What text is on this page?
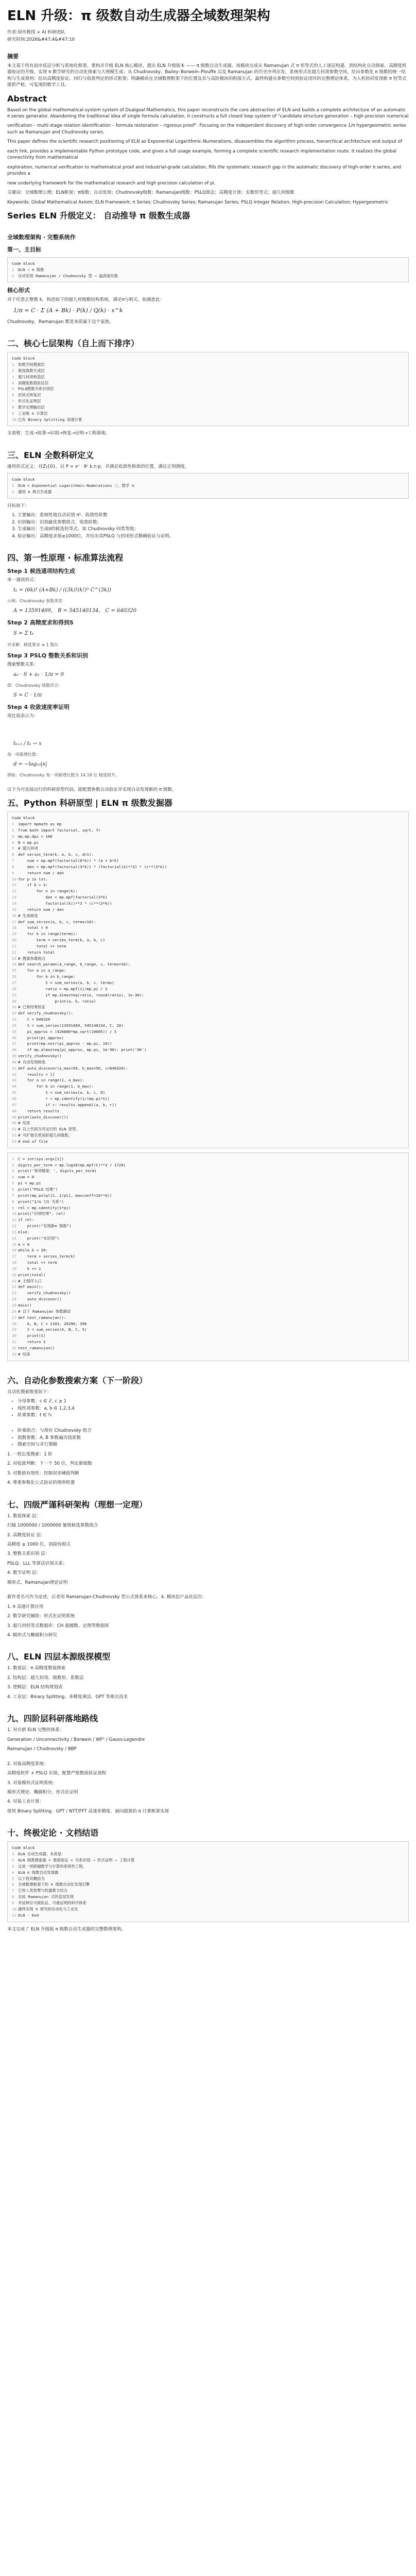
ELN 升级：π 级数自动生成器全域数理架构
作者:周舟教授 + AI 科研团队
研究时间:2026&#47;4&#47;10
摘要

本文基于所有前序底层分析与系统化框架，重构并升级 ELN 核心模块，提出 ELN 升级版本 —— π 级数自动生成器。该模块完成从 Ramanujan 式 π 恒等式的人工逐层构建、到结构化自动探索、高精度机器验证的升级，实现 π 数学研究的自动化探索与大规模生成；从 Chudnovsky、Bailey–Borwein–Plouffe 以及 Ramanujan 的历史序列出发，系统形式化超几何项参数空间，给出参数化 π 级数的统一结构与生成规则；给出高精度验证、回归与收敛判定的形式框架；明确模块在全域数理框架下的位置及其与高阶模块的衔接方式。最终构建从参数空间到验证闭环的完整理论体系，为人机协同发现新 π 恒等式提供严格、可复现的数学工具。

Abstract

Based on the global mathematical-system system of Dualgeal Mathematics, this paper reconstructs the core abstraction of ELN and builds a complete architecture of an automatic π series generator. Abandoning the traditional idea of single formula calculation, it constructs a full closed loop system of "candidate structure generation – high-precision numerical

verification – multi-stage relation identification – formula restoration – rigorous proof". Focusing on the independent discovery of high-order convergence 1/π hypergeometric series such as Ramanujan and Chudnovsky series.

This paper defines the scientific research positioning of ELN as Exponential Logarithmic-Numerations, disassembles the algorithm process, hierarchical architecture and output of

each link, provides a implementable Python prototype code, and gives a full usage example, forming a complete scientific research implementation route. It realizes the global connectivity from mathematical

exploration, numerical verification to mathematical proof and industrial-grade calculation, fills the systematic research gap in the automatic discovery of high-order π series, and provides a

new underlying framework for the mathematical research and high precision calculation of pi.

关键词：全域数理公理；ELN框架；π级数；自动发现；Chudnovsky级数；Ramanujan级数；PSLQ算法；高精度计算；实数恒等式；超几何级数

Keywords: Global Mathematical Axiom; ELN Framework; π Series; Chudnovsky Series; Ramanujan Series; PSLQ Integer Relation; High-precision Calculation; Hypergeometric

Series ELN 升级定义： 自动推导 π 级数生成器
全域数理架构 · 完整系统作
第一、主目标
Code block
1 ELN → π 级数
2 自动发现 Ramanujan / Chudnovsky 型 → 逼真度位数
核心形式

对于任意正整数 k，构造如下的超几何级数结构系统，满足π与相关，如满意此：

1/π = C · Σ (A + Bk) · P(k) / Q(k) · x^k

Chudnovsky、Ramanujan 都是本质属于这个家族。

二、核心七层架构（自上而下排序）
Code block
1 参数空间搜索层
2 候选级数生成层
3 超几何项构造层
4 高精度数值验证层
5 PSLQ整数关系识别层
6 封闭式恢复层
7 形式化证明层
8 数学定理输出层
9 工业级 π 计算层
10 已有 Binary Splitting 高速计算

全流程：生成→验算→识别→恢复→证明→工程落地。

三、ELN 全数科研定义

通用形式定义：对Z\{0}，以 P = xⁿ · 9ᵏ k.n·p，并满足收敛性格敛的位置，满足正则测度。

Code block
1 ELN = Exponential Logarithmic-Numerations 三、数学 π
2 通用 π 格式生成器

目标如下：

1. 主要输出：系统性地自动识别 π¹、收敛性阶数
2. 识别输出：识别最优参数组合，收敛阶数；
3. 生成输出：生成π的候选恒等式，如 Chudnovsky 同类等级；
4. 验证输出：高精度求值≥1000位，并给出其PSLQ 与封闭形式精确验证与证明。
四、第一性原理 · 标准算法流程
Step 1 候选通项结构生成

单一通项形式：

tₖ = (6k)! (A+Bk) / ((3k)!(k!)³ C^(3k))

示例：Chudnovsky 参数类型

A = 13591409， B = 545140134， C = 640320
Step 2 高精度求和得到S
S = Σ tₖ

对求解：精度要求 ≥ 1 数位

Step 3 PSLQ 整数关系和识别

搜索整数关系：

a₀ · S + a₁ · 1/π = 0

即：Chudnovsky 级数符合：

S = C · 1/π
Step 4 收敛速度率证明

项比值表示为：

tₖ₊₁ / tₖ → x

每一项新增位数:

d = −log₁₀|x|

例如：Chudnovsky 每一项新增位数为 14.18 位 精度提升。

以下为可直接运行的科研原型代码，能配置参数自动验证并实现自动发现新的 π 级数。

五、Python 科研原型 | ELN π 级数发掘器
Code block
1 import mpmath as mp
2 from math import factorial, sqrt, fr
3 mp.mp.dps = 100
4 N = mp.pi
5 # 超几何项
6 def series_term(k, a, b, c, d=1):
7    num = mp.mpf(factorial(6*k)) * (a + b*k)
8    den = mp.mpf(factorial(3*k)) * (factorial(k)**3) * (c**(3*k))
9    return num / den
10 for p in lst:
11    if k > 3:
12        for n in range(k):
13            den = mp.mpf(factorial(3*k)
14            factorial(k))**3 * (c**(3*k))
15    return num / den
16 # 生成候选
17 def sum_series(a, b, c, terms=10):
18    total = 0
19    for k in range(terms):
20        term = series_term(k, a, b, c)
21        total += term
22    return total
23 # 搜索参数组合
24 def search_params(a_range, b_range, c, terms=10):
25    for a in a_range:
26        for b in b_range:
27            S = sum_series(a, b, c, terms)
28            ratio = mp.mpf(1)/mp.pi / S
29            if mp.almosteq(ratio, round(ratio), 1e-30):
30                print(a, b, ratio)
31 # 已知结果验证
32 def verify_chudnovsky():
33    C = 640320
34    S = sum_series(13591409, 545140134, C, 20)
35    pi_approx = (426880*mp.sqrt(10005)) / S
36    print(pi_approx)
37    print(mp.nstr(pi_approx - mp.pi, 10))
38    if mp.almosteq(pi_approx, mp.pi, 1e-90): print('OK')
39 verify_chudnovsky()
40 # 自动发现候选
41 def auto_discover(a_max=50, b_max=50, c=640320):
42    results = []
43    for a in range(1, a_max):
44        for b in range(1, b_max):
45            S = sum_series(a, b, c, 8)
46            r = mp.identify(1/(mp.pi*S))
47            if r: results.append((a, b, r))
48    return results
49 print(auto_discover())
50 # 结束
51 # 以上代码为可运行的 ELN 原型。
52 # 可扩展至更高阶超几何级数。
53 # end of file
1 C = int(sys.argv[1])
2 digits_per_term = mp.log10(mp.mpf(C)**3 / 1728)
3 print('每项精度：', digits_per_term)
4 sum = 0
5 pi = mp.pi
6 print("PSLQ 结果")
7 print(mp.pslq([S, 1/pi], maxcoeff=10**6))
8 print("1/π 与S 关系")
9 rel = mp.identify(S*pi)
10 print("识别结果", rel)
11 if rel:
12    print("发现新π 级数")
13 else:
14    print("未识别")
15 k = 0
16 while k < 20:
17    term = series_term(k)
18    total += term
19    k += 1
20 print(total)
21 # 主程序入口
22 def main():
23    verify_chudnovsky()
24    auto_discover()
25 main()
26 # 以下 Ramanujan 参数测试
27 def test_ramanujan():
28    A, B, C = 1103, 26390, 396
29    S = sum_series(A, B, C, 5)
30    print(S)
31    return S
32 test_ramanujan()
33 # 结束
六、自动化参数搜索方案（下一阶段）

自动化搜索维度如下：

• 分母参数：c ∈ ℤ, c ≥ 1
• 线性项参数：a, b ∈ 1,2,3,4
• 阶乘参数：ℓ ∈ ℕ
• 阶乘组合：与现有 Chudnovsky 组合
• 指数参数：A, B 参数遍历找系数
• 搜索空间与并行策略

1. 一致长度搜索：1 阶

2. 对收敛判断：下一个 50 位，判定新级数

3. 对数值有效性：控制误差阈值判断

4. 尊重参数化公式验证的规则机器

七、四级严谨科研架构（理想一定理）

1. 数值探索 层：

扫描 1000000 / 1000000 量级候选参数组合

2. 高精度验证 层：

高精度 ≥ 1000 位，消除伪相关

3. 整数关系识别 层：

PSLQ、LLL 等算法识别关系；

4. 数学证明 层：

模形式、Ramanujan理论证明

新作者名可作为论述，后者用 Ramanujan-Chudnovsky 型公式体系来核心。4. 模块层产品化层次：

1. π 高速计算应用

2. 数学研究辅助：形式化证明系统

3. 超几何恒等式数据库：CH 超越数、定理等数据库

4. 模形式与椭圆积分研究

八、ELN 四层本源级探模型

1. 数值层：π 高精度数值探索

2. 结构层：超几何项、级数形、系数层

3. 逻辑层：ELN 结构规划表

4. 工业层：Binary Splitting、多精度乘法、GPT 等相关技术

九、四阶层科研落地路线

1. 对应新 ELN 完整的体系：

Generation / Unconnectivity / Borwein / WF² / Gauss-Legendre

Ramanujan / Chudnovsky / BBP

2. 对接高精度系统：

高精度软件 + PSLQ 识别，配置严格数值验证流程

3. 对接模形式证明系统：

模形式理论、椭圆积分，形式化证明

4. 对接工业计算：

使用 Binary Splitting、GPT / NTT/FFT 高速多精度、面向超算的 π 计算框架实现

十、终极定论 · 文档结语
Code block
1 ELN 自动生成器，本质是：
2 ELN 级数搜索器 + 数值验证 + 关系识别 → 形式证明 → 工程计算
3 这是一项跨越数学与计算的系统性工程。
4 ELN π 级数自动发现器
5 以下将其概括为
6 全域数理框架下的 π 级数自动化发现引擎
7 它将人类智慧与机器算力结合
8 完成 Ramanujan 式的直觉发现
9 并延伸至可被验证、可被证明的科学体系
10 最终实现 π 研究的自动化与工业化
11 ELN · End

本文完成了 ELN 升级版 π 级数自动生成器的完整数理架构。
